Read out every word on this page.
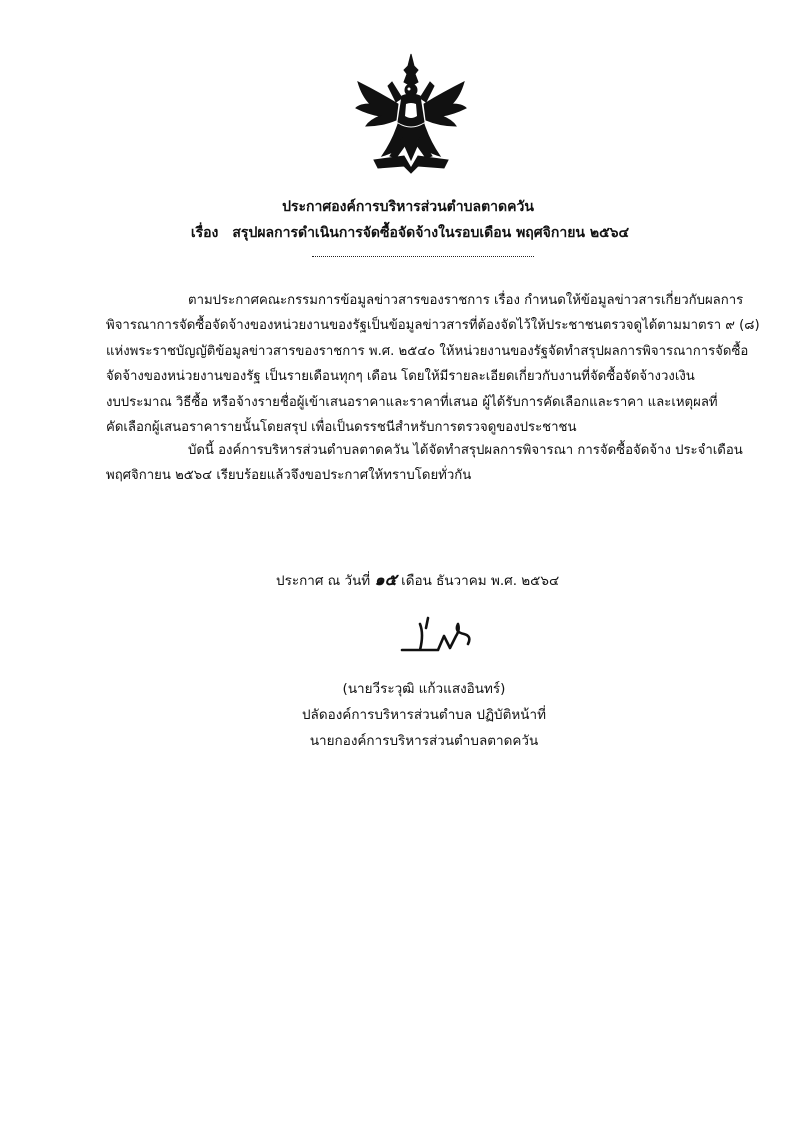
ประกาศองค์การบริหารส่วนตำบลตาดควัน
เรื่อง สรุปผลการดำเนินการจัดซื้อจัดจ้างในรอบเดือน พฤศจิกายน ๒๕๖๔
ตามประกาศคณะกรรมการข้อมูลข่าวสารของราชการ เรื่อง กำหนดให้ข้อมูลข่าวสารเกี่ยวกับผลการ
พิจารณาการจัดซื้อจัดจ้างของหน่วยงานของรัฐเป็นข้อมูลข่าวสารที่ต้องจัดไว้ให้ประชาชนตรวจดูได้ตามมาตรา ๙ (๘)
แห่งพระราชบัญญัติข้อมูลข่าวสารของราชการ พ.ศ. ๒๕๔๐ ให้หน่วยงานของรัฐจัดทำสรุปผลการพิจารณาการจัดซื้อ
จัดจ้างของหน่วยงานของรัฐ เป็นรายเดือนทุกๆ เดือน โดยให้มีรายละเอียดเกี่ยวกับงานที่จัดซื้อจัดจ้างวงเงิน
งบประมาณ วิธีซื้อ หรือจ้างรายชื่อผู้เข้าเสนอราคาและราคาที่เสนอ ผู้ได้รับการคัดเลือกและราคา และเหตุผลที่
คัดเลือกผู้เสนอราคารายนั้นโดยสรุป เพื่อเป็นดรรชนีสำหรับการตรวจดูของประชาชน
บัดนี้ องค์การบริหารส่วนตำบลตาดควัน ได้จัดทำสรุปผลการพิจารณา การจัดซื้อจัดจ้าง ประจำเดือน
พฤศจิกายน ๒๕๖๔ เรียบร้อยแล้วจึงขอประกาศให้ทราบโดยทั่วกัน
ประกาศ ณ วันที่ ๑๕ เดือน ธันวาคม พ.ศ. ๒๕๖๔
(นายวีระวุฒิ แก้วแสงอินทร์)
ปลัดองค์การบริหารส่วนตำบล ปฏิบัติหน้าที่
นายกองค์การบริหารส่วนตำบลตาดควัน
